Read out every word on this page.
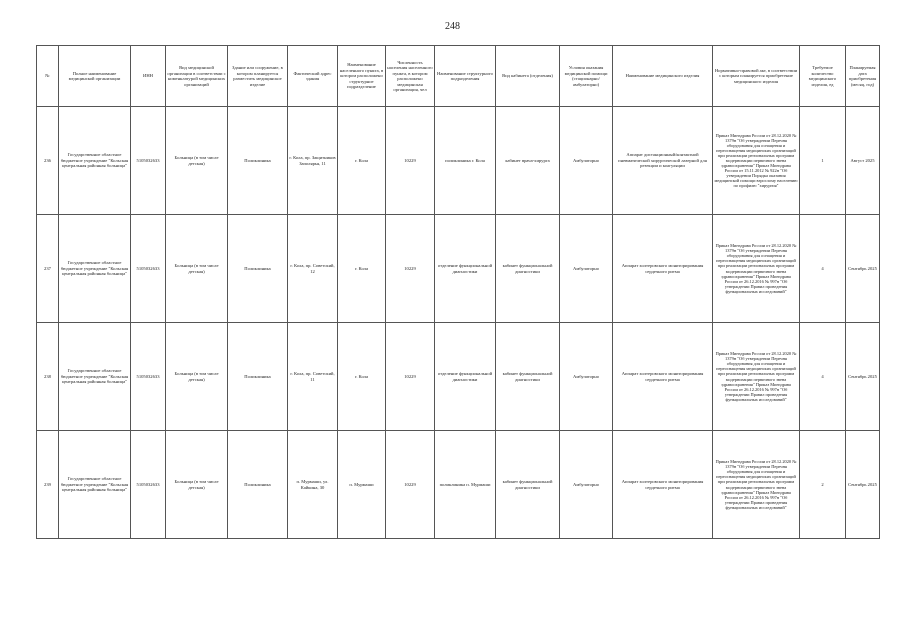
248
№	Полное наименование медицинской организации	ИНН	Вид медицинской организации в соответствии с номенклатурой медицинских организаций	Здание или сооружение, в котором планируется разместить медицинское изделие	Фактический адрес здания	Наименование населенного пункта, в котором расположено структурное подразделение	Численность населения населенного пункта, в котором расположено медицинская организация, чел	Наименование структурного подразделения	Вид кабинета (отделения)	Условия оказания медицинской помощи (стационарно/амбулаторно)	Наименование медицинского изделия	Нормативно-правовой акт, в соответствии с которым планируется приобретение медицинского изделия	Требуемое количество медицинского изделия, ед	Планируемая дата приобретения (месяц, год)
236	Государственное областное бюджетное учреждение "Кольская центральная районная больница"	5105032633	Больница (в том числе детская)	Поликлиника	г. Кола, пр. Защитников Заполярья, 11	г. Кола	10229	поликлиника г. Кола	кабинет врача-хирурга	Амбулаторно	Аппарат дистанционный/контактной пневматической хирургической лазерной для резекции и коагуляции	Приказ Минздрава России от 28.12.2020 № 1379н "Об утверждении Перечня оборудования для оснащения и переоснащения медицинских организаций при реализации региональных программ модернизации первичного звена здравоохранения" Приказ Минздрава России от 15.11.2012 № 922н "Об утверждении Порядка оказания медицинской помощи взрослому населению по профилю "хирургия"	1	Август 2025
237	Государственное областное бюджетное учреждение "Кольская центральная районная больница"	5105032633	Больница (в том числе детская)	Поликлиника	г. Кола, пр. Советский, 12	г. Кола	10229	отделение функциональной диагностики	кабинет функциональной диагностики	Амбулаторно	Аппарат холтеровского мониторирования сердечного ритма	Приказ Минздрава России от 28.12.2020 № 1379н "Об утверждении Перечня оборудования для оснащения и переоснащения медицинских организаций при реализации региональных программ модернизации первичного звена здравоохранения" Приказ Минздрава России от 26.12.2016 № 997н "Об утверждении Правил проведения функциональных исследований"	4	Сентябрь 2025
238	Государственное областное бюджетное учреждение "Кольская центральная районная больница"	5105032633	Больница (в том числе детская)	Поликлиника	г. Кола, пр. Советский, 11	г. Кола	10229	отделение функциональной диагностики	кабинет функциональной диагностики	Амбулаторно	Аппарат холтеровского мониторирования сердечного ритма	Приказ Минздрава России от 28.12.2020 № 1379н "Об утверждении Перечня оборудования для оснащения и переоснащения медицинских организаций при реализации региональных программ модернизации первичного звена здравоохранения" Приказ Минздрава России от 26.12.2016 № 997н "Об утверждении Правил проведения функциональных исследований"	4	Сентябрь 2025
239	Государственное областное бюджетное учреждение "Кольская центральная районная больница"	5105032633	Больница (в том числе детская)	Поликлиника	п. Мурмаши, ул. Кайкина, 30	п. Мурмаши	10229	поликлиника п. Мурмаши	кабинет функциональной диагностики	Амбулаторно	Аппарат холтеровского мониторирования сердечного ритма	Приказ Минздрава России от 28.12.2020 № 1379н "Об утверждении Перечня оборудования для оснащения и переоснащения медицинских организаций при реализации региональных программ модернизации первичного звена здравоохранения" Приказ Минздрава России от 26.12.2016 № 997н "Об утверждении Правил проведения функциональных исследований"	2	Сентябрь 2025
